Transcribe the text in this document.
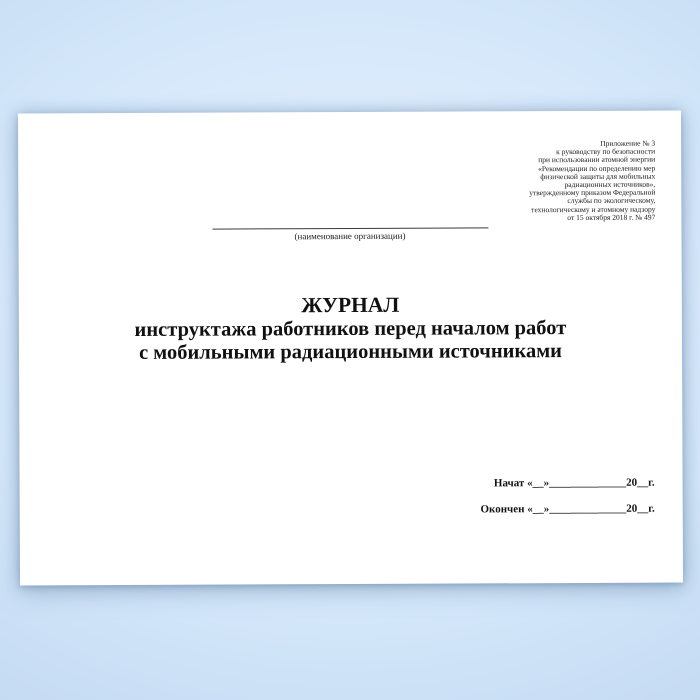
Приложение № 3
к руководству по безопасности
при использовании атомной энергии
«Рекомендации по определению мер
физической защиты для мобильных
радиационных источников»,
утвержденному приказом Федеральной
службы по экологическому,
технологическому и атомному надзору
от 15 октября 2018 г. № 497
(наименование организации)
ЖУРНАЛ
инструктажа работников перед началом работ
с мобильными радиационными источниками
Начат «__»______________20__г.
Окончен «__»______________20__г.
